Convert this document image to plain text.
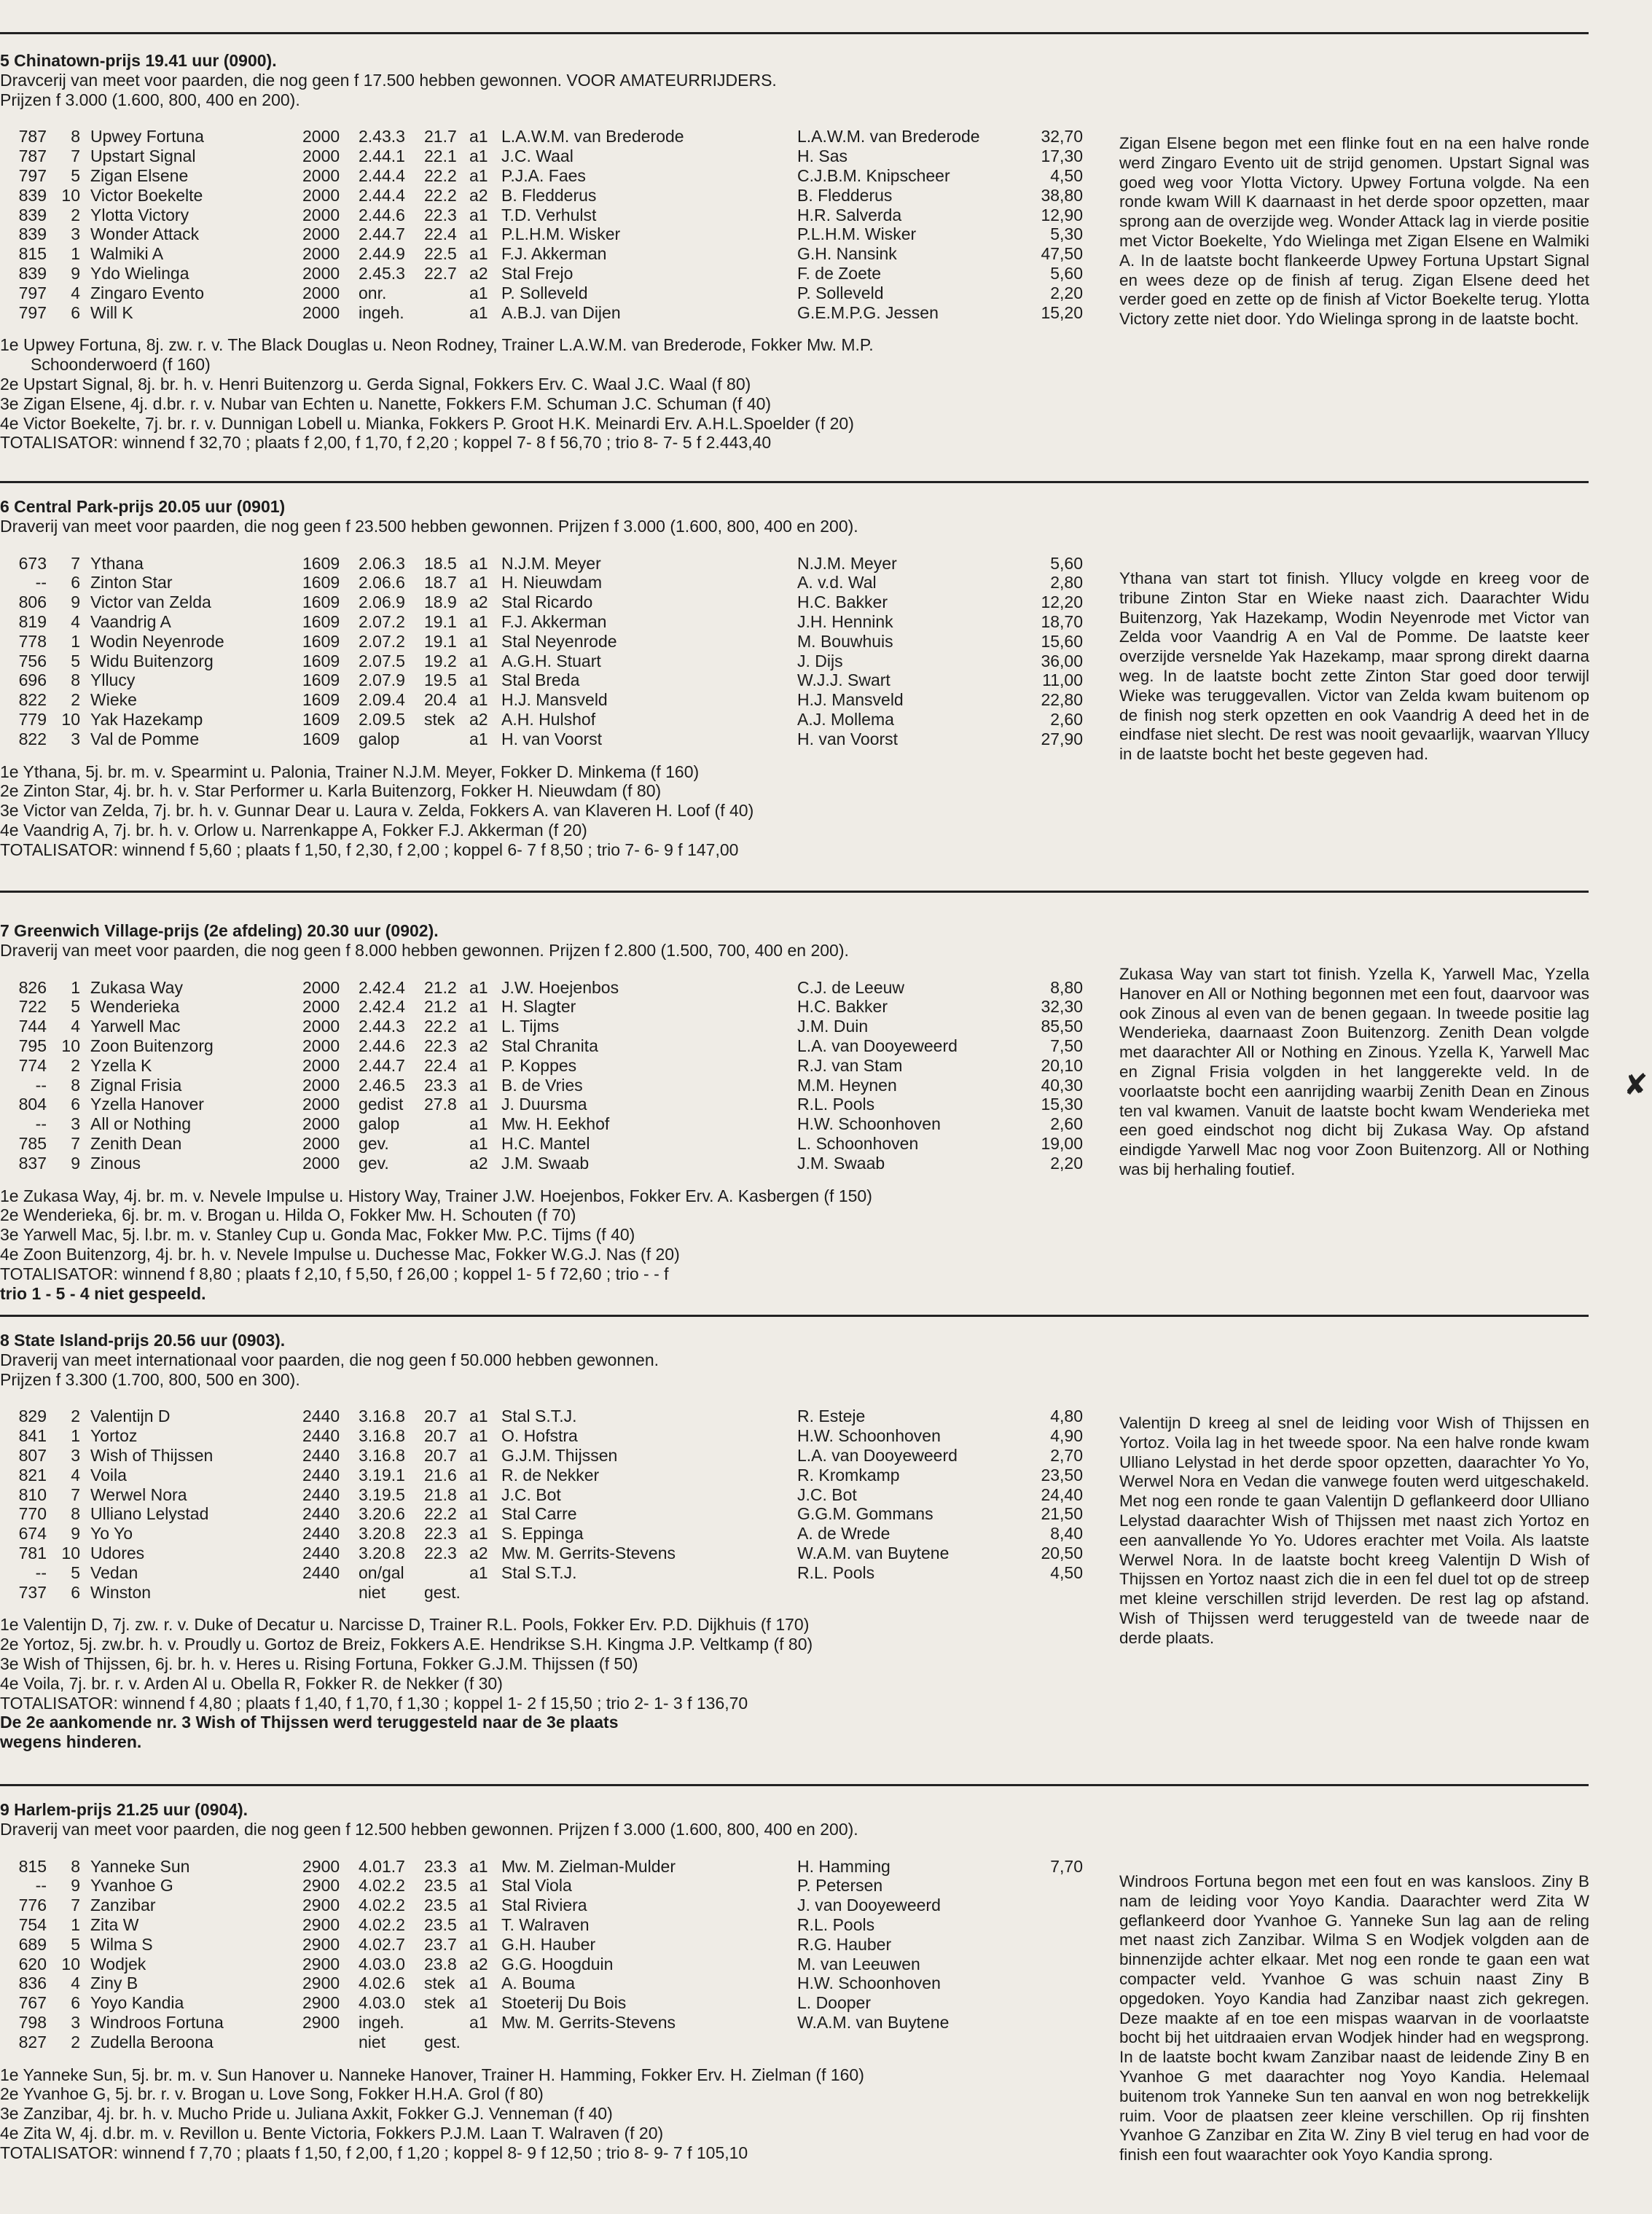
5 Chinatown-prijs 19.41 uur (0900).
Dravcerij van meet voor paarden, die nog geen f 17.500 hebben gewonnen. VOOR AMATEURRIJDERS.
Prijzen f 3.000 (1.600, 800, 400 en 200).
787	8 Upwey Fortuna	2000 2.43.3 21.7 a1 L.A.W.M. van Brederode	L.A.W.M. van Brederode	32,70
787	7 Upstart Signal	2000 2.44.1 22.1 a1 J.C. Waal	H. Sas	17,30
797	5 Zigan Elsene	2000 2.44.4 22.2 a1 P.J.A. Faes	C.J.B.M. Knipscheer	4,50
839 10 Victor Boekelte	2000 2.44.4 22.2 a2 B. Fledderus	B. Fledderus	38,80
839	2 Ylotta Victory	2000 2.44.6 22.3 a1 T.D. Verhulst	H.R. Salverda	12,90
839	3 Wonder Attack	2000 2.44.7 22.4 a1 P.L.H.M. Wisker	P.L.H.M. Wisker	5,30
815	1 Walmiki A	2000 2.44.9 22.5 a1 F.J. Akkerman	G.H. Nansink	47,50
839	9 Ydo Wielinga	2000 2.45.3 22.7 a2 Stal Frejo	F. de Zoete	5,60
797	4 Zingaro Evento	2000 onr.	a1 P. Solleveld	P. Solleveld	2,20
797	6 Will K	2000 ingeh.	a1 A.B.J. van Dijen	G.E.M.P.G. Jessen	15,20
1e Upwey Fortuna, 8j. zw. r. v. The Black Douglas u. Neon Rodney, Trainer L.A.W.M. van Brederode, Fokker Mw. M.P.
Schoonderwoerd (f 160)
2e Upstart Signal, 8j. br. h. v. Henri Buitenzorg u. Gerda Signal, Fokkers Erv. C. Waal J.C. Waal (f 80)
3e Zigan Elsene, 4j. d.br. r. v. Nubar van Echten u. Nanette, Fokkers F.M. Schuman J.C. Schuman (f 40)
4e Victor Boekelte, 7j. br. r. v. Dunnigan Lobell u. Mianka, Fokkers P. Groot H.K. Meinardi Erv. A.H.L.Spoelder (f 20)
TOTALISATOR: winnend f 32,70 ; plaats f 2,00, f 1,70, f 2,20 ; koppel 7- 8 f 56,70 ; trio 8- 7- 5 f 2.443,40
Zigan Elsene begon met een flinke fout en na een halve ronde werd Zingaro Evento uit de strijd genomen. Upstart Signal was goed weg voor Ylotta Victory. Upwey Fortuna volgde. Na een ronde kwam Will K daarnaast in het derde spoor opzetten, maar sprong aan de overzijde weg. Wonder Attack lag in vierde positie met Victor Boekelte, Ydo Wielinga met Zigan Elsene en Walmiki A. In de laatste bocht flankeerde Upwey Fortuna Upstart Signal en wees deze op de finish af terug. Zigan Elsene deed het verder goed en zette op de finish af Victor Boekelte terug. Ylotta Victory zette niet door. Ydo Wielinga sprong in de laatste bocht.
6 Central Park-prijs 20.05 uur (0901)
Draverij van meet voor paarden, die nog geen f 23.500 hebben gewonnen. Prijzen f 3.000 (1.600, 800, 400 en 200).
673	7 Ythana	1609 2.06.3 18.5 a1 N.J.M. Meyer	N.J.M. Meyer	5,60
--	6 Zinton Star	1609 2.06.6 18.7 a1 H. Nieuwdam	A. v.d. Wal	2,80
806	9 Victor van Zelda	1609 2.06.9 18.9 a2 Stal Ricardo	H.C. Bakker	12,20
819	4 Vaandrig A	1609 2.07.2 19.1 a1 F.J. Akkerman	J.H. Hennink	18,70
778	1 Wodin Neyenrode	1609 2.07.2 19.1 a1 Stal Neyenrode	M. Bouwhuis	15,60
756	5 Widu Buitenzorg	1609 2.07.5 19.2 a1 A.G.H. Stuart	J. Dijs	36,00
696	8 Yllucy	1609 2.07.9 19.5 a1 Stal Breda	W.J.J. Swart	11,00
822	2 Wieke	1609 2.09.4 20.4 a1 H.J. Mansveld	H.J. Mansveld	22,80
779 10 Yak Hazekamp	1609 2.09.5 stek a2 A.H. Hulshof	A.J. Mollema	2,60
822	3 Val de Pomme	1609 galop	a1 H. van Voorst	H. van Voorst	27,90
1e Ythana, 5j. br. m. v. Spearmint u. Palonia, Trainer N.J.M. Meyer, Fokker D. Minkema (f 160)
2e Zinton Star, 4j. br. h. v. Star Performer u. Karla Buitenzorg, Fokker H. Nieuwdam (f 80)
3e Victor van Zelda, 7j. br. h. v. Gunnar Dear u. Laura v. Zelda, Fokkers A. van Klaveren H. Loof (f 40)
4e Vaandrig A, 7j. br. h. v. Orlow u. Narrenkappe A, Fokker F.J. Akkerman (f 20)
TOTALISATOR: winnend f 5,60 ; plaats f 1,50, f 2,30, f 2,00 ; koppel 6- 7 f 8,50 ; trio 7- 6- 9 f 147,00
Ythana van start tot finish. Yllucy volgde en kreeg voor de tribune Zinton Star en Wieke naast zich. Daarachter Widu Buitenzorg, Yak Hazekamp, Wodin Neyenrode met Victor van Zelda voor Vaandrig A en Val de Pomme. De laatste keer overzijde versnelde Yak Hazekamp, maar sprong direkt daarna weg. In de laatste bocht zette Zinton Star goed door terwijl Wieke was teruggevallen. Victor van Zelda kwam buitenom op de finish nog sterk opzetten en ook Vaandrig A deed het in de eindfase niet slecht. De rest was nooit gevaarlijk, waarvan Yllucy in de laatste bocht het beste gegeven had.
7 Greenwich Village-prijs (2e afdeling) 20.30 uur (0902).
Draverij van meet voor paarden, die nog geen f 8.000 hebben gewonnen. Prijzen f 2.800 (1.500, 700, 400 en 200).
826	1 Zukasa Way	2000 2.42.4 21.2 a1 J.W. Hoejenbos	C.J. de Leeuw	8,80
722	5 Wenderieka	2000 2.42.4 21.2 a1 H. Slagter	H.C. Bakker	32,30
744	4 Yarwell Mac	2000 2.44.3 22.2 a1 L. Tijms	J.M. Duin	85,50
795 10 Zoon Buitenzorg	2000 2.44.6 22.3 a2 Stal Chranita	L.A. van Dooyeweerd	7,50
774	2 Yzella K	2000 2.44.7 22.4 a1 P. Koppes	R.J. van Stam	20,10
--	8 Zignal Frisia	2000 2.46.5 23.3 a1 B. de Vries	M.M. Heynen	40,30
804	6 Yzella Hanover	2000 gedist 27.8 a1 J. Duursma	R.L. Pools	15,30
--	3 All or Nothing	2000 galop	a1 Mw. H. Eekhof	H.W. Schoonhoven	2,60
785	7 Zenith Dean	2000 gev.	a1 H.C. Mantel	L. Schoonhoven	19,00
837	9 Zinous	2000 gev.	a2 J.M. Swaab	J.M. Swaab	2,20
1e Zukasa Way, 4j. br. m. v. Nevele Impulse u. History Way, Trainer J.W. Hoejenbos, Fokker Erv. A. Kasbergen (f 150)
2e Wenderieka, 6j. br. m. v. Brogan u. Hilda O, Fokker Mw. H. Schouten (f 70)
3e Yarwell Mac, 5j. l.br. m. v. Stanley Cup u. Gonda Mac, Fokker Mw. P.C. Tijms (f 40)
4e Zoon Buitenzorg, 4j. br. h. v. Nevele Impulse u. Duchesse Mac, Fokker W.G.J. Nas (f 20)
TOTALISATOR: winnend f 8,80 ; plaats f 2,10, f 5,50, f 26,00 ; koppel 1- 5 f 72,60 ; trio - - f
trio 1 - 5 - 4 niet gespeeld.
Zukasa Way van start tot finish. Yzella K, Yarwell Mac, Yzella Hanover en All or Nothing begonnen met een fout, daarvoor was ook Zinous al even van de benen gegaan. In tweede positie lag Wenderieka, daarnaast Zoon Buitenzorg. Zenith Dean volgde met daarachter All or Nothing en Zinous. Yzella K, Yarwell Mac en Zignal Frisia volgden in het langgerekte veld. In de voorlaatste bocht een aanrijding waarbij Zenith Dean en Zinous ten val kwamen. Vanuit de laatste bocht kwam Wenderieka met een goed eindschot nog dicht bij Zukasa Way. Op afstand eindigde Yarwell Mac nog voor Zoon Buitenzorg. All or Nothing was bij herhaling foutief.
8 State Island-prijs 20.56 uur (0903).
Draverij van meet internationaal voor paarden, die nog geen f 50.000 hebben gewonnen.
Prijzen f 3.300 (1.700, 800, 500 en 300).
829	2 Valentijn D	2440 3.16.8 20.7 a1 Stal S.T.J.	R. Esteje	4,80
841	1 Yortoz	2440 3.16.8 20.7 a1 O. Hofstra	H.W. Schoonhoven	4,90
807	3 Wish of Thijssen	2440 3.16.8 20.7 a1 G.J.M. Thijssen	L.A. van Dooyeweerd	2,70
821	4 Voila	2440 3.19.1 21.6 a1 R. de Nekker	R. Kromkamp	23,50
810	7 Werwel Nora	2440 3.19.5 21.8 a1 J.C. Bot	J.C. Bot	24,40
770	8 Ulliano Lelystad	2440 3.20.6 22.2 a1 Stal Carre	G.G.M. Gommans	21,50
674	9 Yo Yo	2440 3.20.8 22.3 a1 S. Eppinga	A. de Wrede	8,40
781 10 Udores	2440 3.20.8 22.3 a2 Mw. M. Gerrits-Stevens	W.A.M. van Buytene	20,50
--	5 Vedan	2440 on/gal	a1 Stal S.T.J.	R.L. Pools	4,50
737	6 Winston	niet gest.
1e Valentijn D, 7j. zw. r. v. Duke of Decatur u. Narcisse D, Trainer R.L. Pools, Fokker Erv. P.D. Dijkhuis (f 170)
2e Yortoz, 5j. zw.br. h. v. Proudly u. Gortoz de Breiz, Fokkers A.E. Hendrikse S.H. Kingma J.P. Veltkamp (f 80)
3e Wish of Thijssen, 6j. br. h. v. Heres u. Rising Fortuna, Fokker G.J.M. Thijssen (f 50)
4e Voila, 7j. br. r. v. Arden Al u. Obella R, Fokker R. de Nekker (f 30)
TOTALISATOR: winnend f 4,80 ; plaats f 1,40, f 1,70, f 1,30 ; koppel 1- 2 f 15,50 ; trio 2- 1- 3 f 136,70
De 2e aankomende nr. 3 Wish of Thijssen werd teruggesteld naar de 3e plaats
wegens hinderen.
Valentijn D kreeg al snel de leiding voor Wish of Thijssen en Yortoz. Voila lag in het tweede spoor. Na een halve ronde kwam Ulliano Lelystad in het derde spoor opzetten, daarachter Yo Yo, Werwel Nora en Vedan die vanwege fouten werd uitgeschakeld. Met nog een ronde te gaan Valentijn D geflankeerd door Ulliano Lelystad daarachter Wish of Thijssen met naast zich Yortoz en een aanvallende Yo Yo. Udores erachter met Voila. Als laatste Werwel Nora. In de laatste bocht kreeg Valentijn D Wish of Thijssen en Yortoz naast zich die in een fel duel tot op de streep met kleine verschillen strijd leverden. De rest lag op afstand. Wish of Thijssen werd teruggesteld van de tweede naar de derde plaats.
9 Harlem-prijs 21.25 uur (0904).
Draverij van meet voor paarden, die nog geen f 12.500 hebben gewonnen. Prijzen f 3.000 (1.600, 800, 400 en 200).
815	8 Yanneke Sun	2900 4.01.7 23.3 a1 Mw. M. Zielman-Mulder	H. Hamming	7,70
--	9 Yvanhoe G	2900 4.02.2 23.5 a1 Stal Viola	P. Petersen
776	7 Zanzibar	2900 4.02.2 23.5 a1 Stal Riviera	J. van Dooyeweerd
754	1 Zita W	2900 4.02.2 23.5 a1 T. Walraven	R.L. Pools
689	5 Wilma S	2900 4.02.7 23.7 a1 G.H. Hauber	R.G. Hauber
620 10 Wodjek	2900 4.03.0 23.8 a2 G.G. Hoogduin	M. van Leeuwen
836	4 Ziny B	2900 4.02.6 stek a1 A. Bouma	H.W. Schoonhoven
767	6 Yoyo Kandia	2900 4.03.0 stek a1 Stoeterij Du Bois	L. Dooper
798	3 Windroos Fortuna	2900 ingeh.	a1 Mw. M. Gerrits-Stevens	W.A.M. van Buytene
827	2 Zudella Beroona	niet gest.
1e Yanneke Sun, 5j. br. m. v. Sun Hanover u. Nanneke Hanover, Trainer H. Hamming, Fokker Erv. H. Zielman (f 160)
2e Yvanhoe G, 5j. br. r. v. Brogan u. Love Song, Fokker H.H.A. Grol (f 80)
3e Zanzibar, 4j. br. h. v. Mucho Pride u. Juliana Axkit, Fokker G.J. Venneman (f 40)
4e Zita W, 4j. d.br. m. v. Revillon u. Bente Victoria, Fokkers P.J.M. Laan T. Walraven (f 20)
TOTALISATOR: winnend f 7,70 ; plaats f 1,50, f 2,00, f 1,20 ; koppel 8- 9 f 12,50 ; trio 8- 9- 7 f 105,10
Windroos Fortuna begon met een fout en was kansloos. Ziny B nam de leiding voor Yoyo Kandia. Daarachter werd Zita W geflankeerd door Yvanhoe G. Yanneke Sun lag aan de reling met naast zich Zanzibar. Wilma S en Wodjek volgden aan de binnenzijde achter elkaar. Met nog een ronde te gaan een wat compacter veld. Yvanhoe G was schuin naast Ziny B opgedoken. Yoyo Kandia had Zanzibar naast zich gekregen. Deze maakte af en toe een mispas waarvan in de voorlaatste bocht bij het uitdraaien ervan Wodjek hinder had en wegsprong. In de laatste bocht kwam Zanzibar naast de leidende Ziny B en Yvanhoe G met daarachter nog Yoyo Kandia. Helemaal buitenom trok Yanneke Sun ten aanval en won nog betrekkelijk ruim. Voor de plaatsen zeer kleine verschillen. Op rij finshten Yvanhoe G Zanzibar en Zita W. Ziny B viel terug en had voor de finish een fout waarachter ook Yoyo Kandia sprong.
✘
